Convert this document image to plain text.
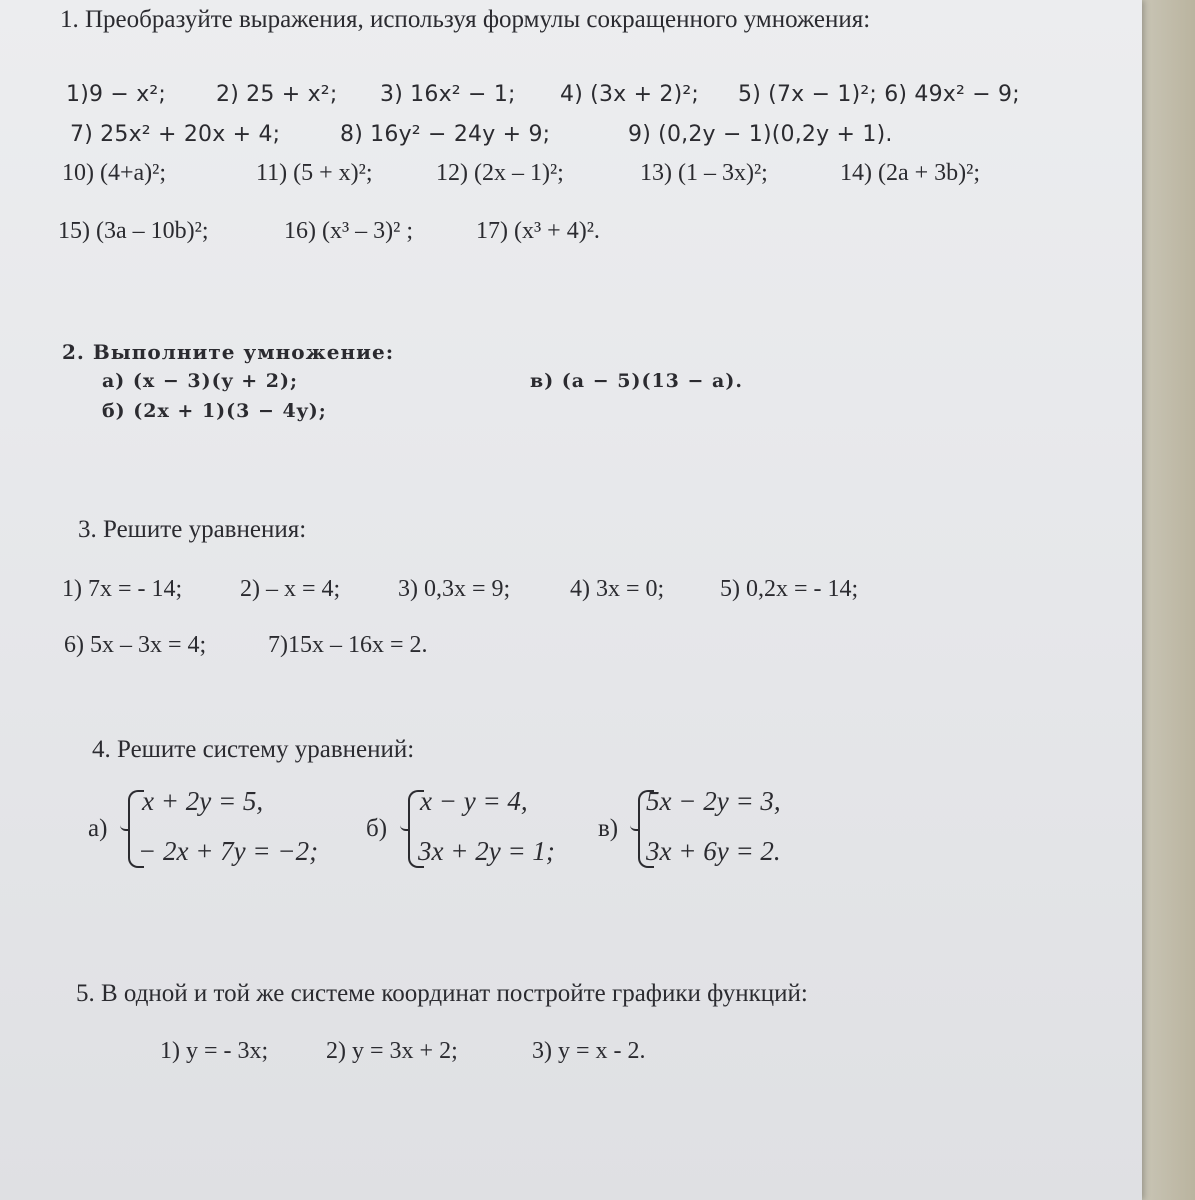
1. Преобразуйте выражения, используя формулы сокращенного умножения:
1)9 − x²; 2) 25 + x²; 3) 16x² − 1; 4) (3x + 2)²; 5) (7x − 1)²; 6) 49x² − 9;
7) 25x² + 20x + 4;	8) 16y² − 24y + 9;	9) (0,2y − 1)(0,2y + 1).
10) (4+a)²;	11) (5 + x)²;	12) (2x – 1)²;	13) (1 – 3x)²;	14) (2a + 3b)²;
15) (3a – 10b)²;	16) (x³ – 3)² ;	17) (x³ + 4)².
2. Выполните умножение:
а) (x − 3)(y + 2);	в) (a − 5)(13 − a).
б) (2x + 1)(3 − 4y);
3. Решите уравнения:
1) 7x = - 14; 2) – x = 4; 3) 0,3x = 9; 4) 3x = 0; 5) 0,2x = - 14;
6) 5x – 3x = 4;	7)15x – 16x = 2.
4. Решите систему уравнений:
а)
x + 2y = 5,
− 2x + 7y = −2;
б)
x − y = 4,
3x + 2y = 1;
в)
5x − 2y = 3,
3x + 6y = 2.
5. В одной и той же системе координат постройте графики функций:
1) y = - 3x; 2) y = 3x + 2;	3) y = x - 2.
